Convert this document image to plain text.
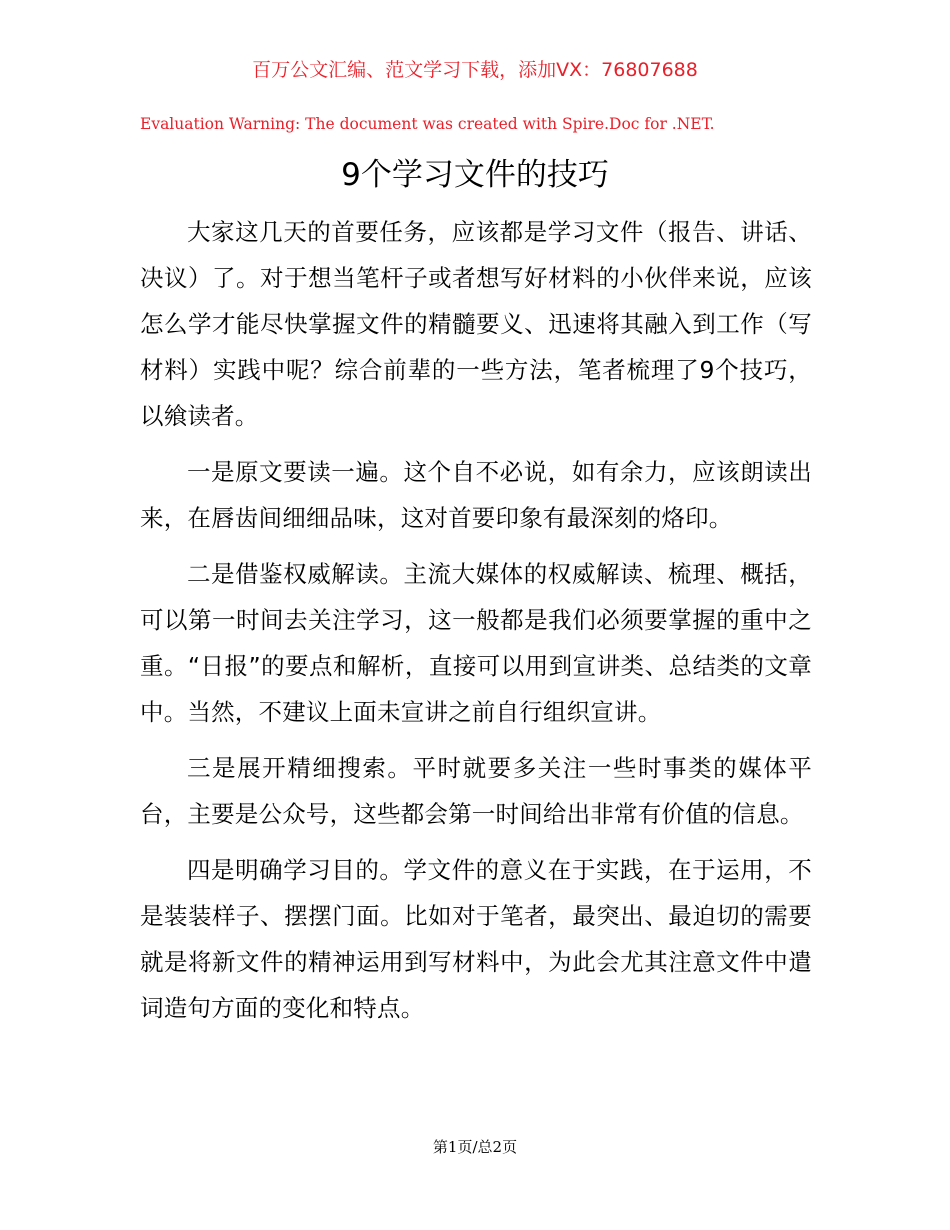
百万公文汇编、范文学习下载，添加VX：76807688
Evaluation Warning: The document was created with Spire.Doc for .NET.
9个学习文件的技巧

大家这几天的首要任务，应该都是学习文件（报告、讲话、决议）了。对于想当笔杆子或者想写好材料的小伙伴来说，应该怎么学才能尽快掌握文件的精髓要义、迅速将其融入到工作（写材料）实践中呢？综合前辈的一些方法，笔者梳理了9个技巧，以飨读者。

一是原文要读一遍。这个自不必说，如有余力，应该朗读出来，在唇齿间细细品味，这对首要印象有最深刻的烙印。

二是借鉴权威解读。主流大媒体的权威解读、梳理、概括，可以第一时间去关注学习，这一般都是我们必须要掌握的重中之重。“日报”的要点和解析，直接可以用到宣讲类、总结类的文章中。当然，不建议上面未宣讲之前自行组织宣讲。

三是展开精细搜索。平时就要多关注一些时事类的媒体平台，主要是公众号，这些都会第一时间给出非常有价值的信息。

四是明确学习目的。学文件的意义在于实践，在于运用，不是装装样子、摆摆门面。比如对于笔者，最突出、最迫切的需要就是将新文件的精神运用到写材料中，为此会尤其注意文件中遣词造句方面的变化和特点。

第1页/总2页
